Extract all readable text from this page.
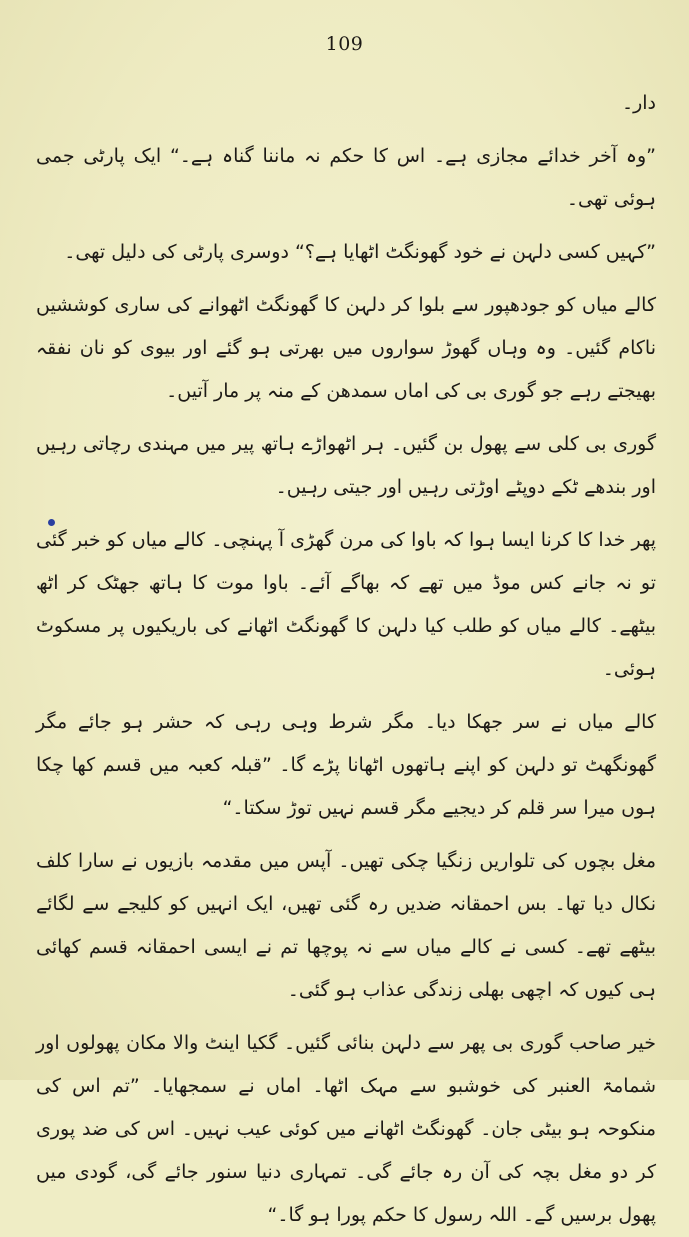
109

دار۔

”وہ آخر خدائے مجازی ہے۔ اس کا حکم نہ ماننا گناہ ہے۔“ ایک پارٹی جمی ہوئی تھی۔

”کہیں کسی دلہن نے خود گھونگٹ اٹھایا ہے؟“ دوسری پارٹی کی دلیل تھی۔

کالے میاں کو جودھپور سے بلوا کر دلہن کا گھونگٹ اٹھوانے کی ساری کوششیں ناکام گئیں۔ وہ وہاں گھوڑ سواروں میں بھرتی ہو گئے اور بیوی کو نان نفقہ بھیجتے رہے جو گوری بی کی اماں سمدھن کے منہ پر مار آتیں۔

گوری بی کلی سے پھول بن گئیں۔ ہر اٹھواڑے ہاتھ پیر میں مہندی رچاتی رہیں اور بندھے ٹکے دوپٹے اوڑتی رہیں اور جیتی رہیں۔

پھر خدا کا کرنا ایسا ہوا کہ باوا کی مرن گھڑی آ پہنچی۔ کالے میاں کو خبر گئی تو نہ جانے کس موڈ میں تھے کہ بھاگے آئے۔ باوا موت کا ہاتھ جھٹک کر اٹھ بیٹھے۔ کالے میاں کو طلب کیا دلہن کا گھونگٹ اٹھانے کی باریکیوں پر مسکوٹ ہوئی۔

کالے میاں نے سر جھکا دیا۔ مگر شرط وہی رہی کہ حشر ہو جائے مگر گھونگھٹ تو دلہن کو اپنے ہاتھوں اٹھانا پڑے گا۔ ”قبلہ کعبہ میں قسم کھا چکا ہوں میرا سر قلم کر دیجیے مگر قسم نہیں توڑ سکتا۔“

مغل بچوں کی تلواریں زنگیا چکی تھیں۔ آپس میں مقدمہ بازیوں نے سارا کلف نکال دیا تھا۔ بس احمقانہ ضدیں رہ گئی تھیں، ایک انہیں کو کلیجے سے لگائے بیٹھے تھے۔ کسی نے کالے میاں سے نہ پوچھا تم نے ایسی احمقانہ قسم کھائی ہی کیوں کہ اچھی بھلی زندگی عذاب ہو گئی۔

خیر صاحب گوری بی پھر سے دلہن بنائی گئیں۔ گکیا اینٹ والا مکان پھولوں اور شمامۃ العنبر کی خوشبو سے مہک اٹھا۔ اماں نے سمجھایا۔ ”تم اس کی منکوحہ ہو بیٹی جان۔ گھونگٹ اٹھانے میں کوئی عیب نہیں۔ اس کی ضد پوری کر دو مغل بچہ کی آن رہ جائے گی۔ تمہاری دنیا سنور جائے گی، گودی میں پھول برسیں گے۔ اللہ رسول کا حکم پورا ہو گا۔“
